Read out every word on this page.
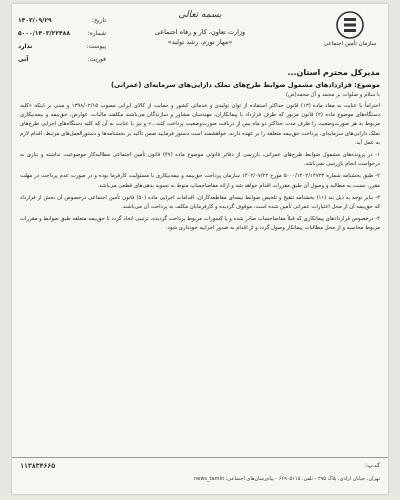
بسمه تعالی
وزارت تعاون، کار و رفاه اجتماعی
«مهار تورم، رشد تولید»	سازمان تأمین اجتماعی
تاریخ:
۱۴۰۳/۰۹/۲۹
شماره:
۵۰۰۰/۱۴۰۳/۲۲۴۸۸
پیوست:
ندارد
فوریت:
آنی
مدیرکل محترم استان...
موضوع: قراردادهای مشمول ضوابط طرح‌های تملک دارایی‌های سرمایه‌ای (عمرانی)
با سلام و صلوات بر محمد و آل محمد(ص)

احتراماً با عنایت به مفاد ماده (۱۳) قانون حداکثر استفاده از توان تولیدی و خدماتی کشور و حمایت از کالای ایرانی مصوب ۱۳۹۸/۰۲/۱۵ و مبنی بر اینکه «کلیه دستگاه‌های موضوع ماده (۲) قانون مزبور که طرف قرارداد با پیمانکاران، مهندسان مشاور و سازندگان می‌باشند مکلفند مالیات، عوارض، حق‌بیمه و بیمه‌بیکاری مربوط به هر صورت‌وضعیت را طرف مدت حداکثر دو ماه پس از دریافت صورت‌وضعیت پرداخت کنند...» و نیز با عنایت به آن که کلیه دستگاه‌های اجرایی طرح‌های تملک دارایی‌های سرمایه‌ای، پرداخت حق‌بیمه متعلقه را بر عهده دارند، خواهشمند است دستور فرمایید ضمن تأکید بر بخشنامه‌ها و دستورالعمل‌های مرتبط، اقدام لازم به عمل آید.

۱- در پرونده‌های مشمول ضوابط طرح‌های عمرانی، بازرسی از دفاتر قانونی موضوع ماده (۴۷) قانون تأمین اجتماعی مطالبه‌کار موضوعیت نداشته و نیازی به درخواست انجام بازرسی نمی‌باشد.

۲- طبق بخشنامه شماره ۵۰۰۰/۱۴۰۲/۱۴۷۲۳ مورخ ۱۴۰۲/۰۷/۲۲ سازمان پرداخت حق‌بیمه و بیمه‌بیکاری با مسئولیت کارفرما بوده و در صورت عدم پرداخت در مهلت مقرر، نسبت به مطالبه و وصول آن طبق مقررات اقدام خواهد شد و ارائه مفاصاحساب منوط به تسویه بدهی‌های قطعی می‌باشد.

۳- بنابر توجه به ذیل بند (۱۱) بخشنامه تنقیح و تلخیص ضوابط بیمه‌ای مقاطعه‌کاران، اقدامات اجرایی ماده (۵۰) قانون تأمین اجتماعی درخصوص آن بخش از قرارداد که حق‌بیمه آن از محل اعتبارات عمرانی تأمین شده است، موقوف گردیده و کارفرمایان مکلف به پرداخت آن می‌باشند.

۴- درخصوص قراردادهای پیمانکاری که قبلاً مفاصاحساب صادر شده و یا کسورات مربوط پرداخت گردیده، ترتیبی اتخاذ گردد تا حق‌بیمه متعلقه طبق ضوابط و مقررات مربوط محاسبه و از محل مطالبات پیمانکار وصول گردد و از اقدام به صدور اجراییه خودداری شود.

ک.پ:
۱۱۳۸۳۴۶۶۵
تهران، خیابان آزادی، پلاک ۲۹۵ - تلفن: ۶۶۹۰۵۱۱۵ - پیام‌رسان‌های اجتماعی: news_tamin
